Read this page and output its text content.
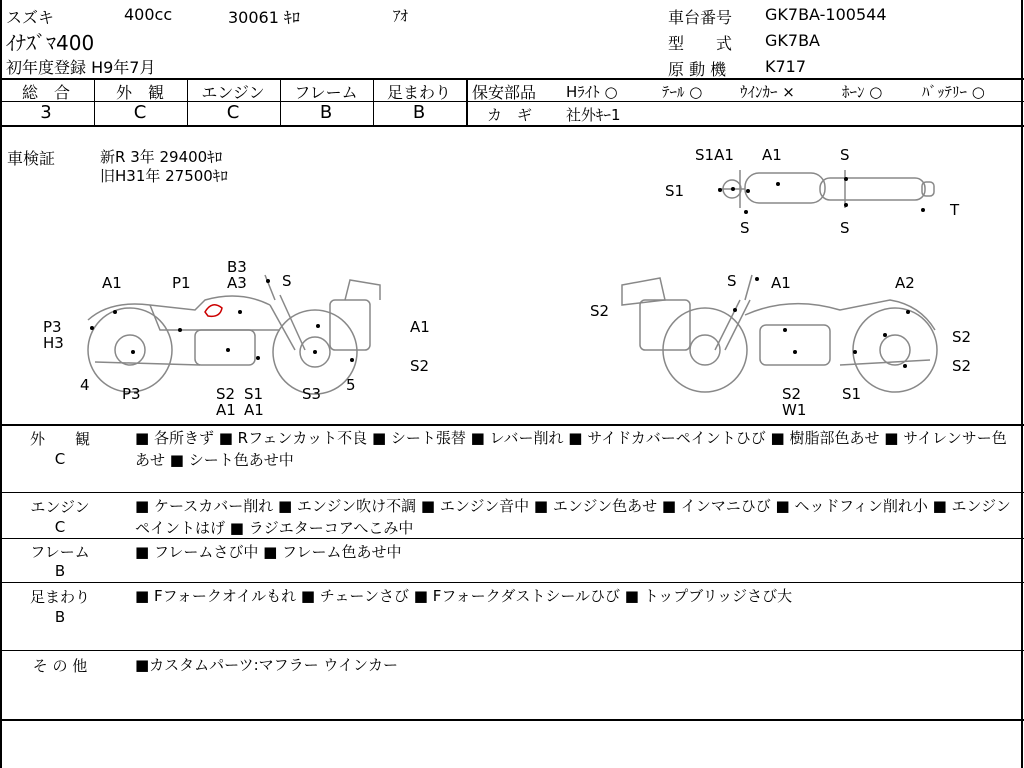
スズキ	400cc	30061 ｷﾛ	ｱｵ
ｲﾅｽﾞﾏ400
初年度登録 H9年7月
車台番号 GK7BA-100544
型　　式 GK7BA
原 動 機 K717
総　合	外　観	エンジン	フレーム	足まわり
3	C	C	B	B
保安部品 Hﾗｲﾄ ○	ﾃｰﾙ ○	ｳｲﾝｶｰ ×	ﾎｰﾝ ○	ﾊﾞｯﾃﾘｰ ○
カ　ギ 社外ｷｰ1
車検証	新R 3年 29400ｷﾛ
旧H31年 27500ｷﾛ
S1A1 A1	S
S1
S	S
T
B3
A3 S
A1	P1
P3
H3
A1
4 P3	S2 S1
A1 A1
S3 5
S2
S A1	A2
S2
S2
S2
S2
W1
S1
外　　観
C
■ 各所きず ■ Rフェンカット不良 ■ シート張替 ■ レバー削れ ■ サイドカバーペイントひび ■ 樹脂部色あせ ■ サイレンサー色あせ ■ シート色あせ中
エンジン
C
■ ケースカバー削れ ■ エンジン吹け不調 ■ エンジン音中 ■ エンジン色あせ ■ インマニひび ■ ヘッドフィン削れ小 ■ エンジンペイントはげ ■ ラジエターコアへこみ中
フレーム
B
■ フレームさび中 ■ フレーム色あせ中
足まわり
B
■ Fフォークオイルもれ ■ チェーンさび ■ Fフォークダストシールひび ■ トップブリッジさび大
そ の 他	■カスタムパーツ:マフラー ウインカー
